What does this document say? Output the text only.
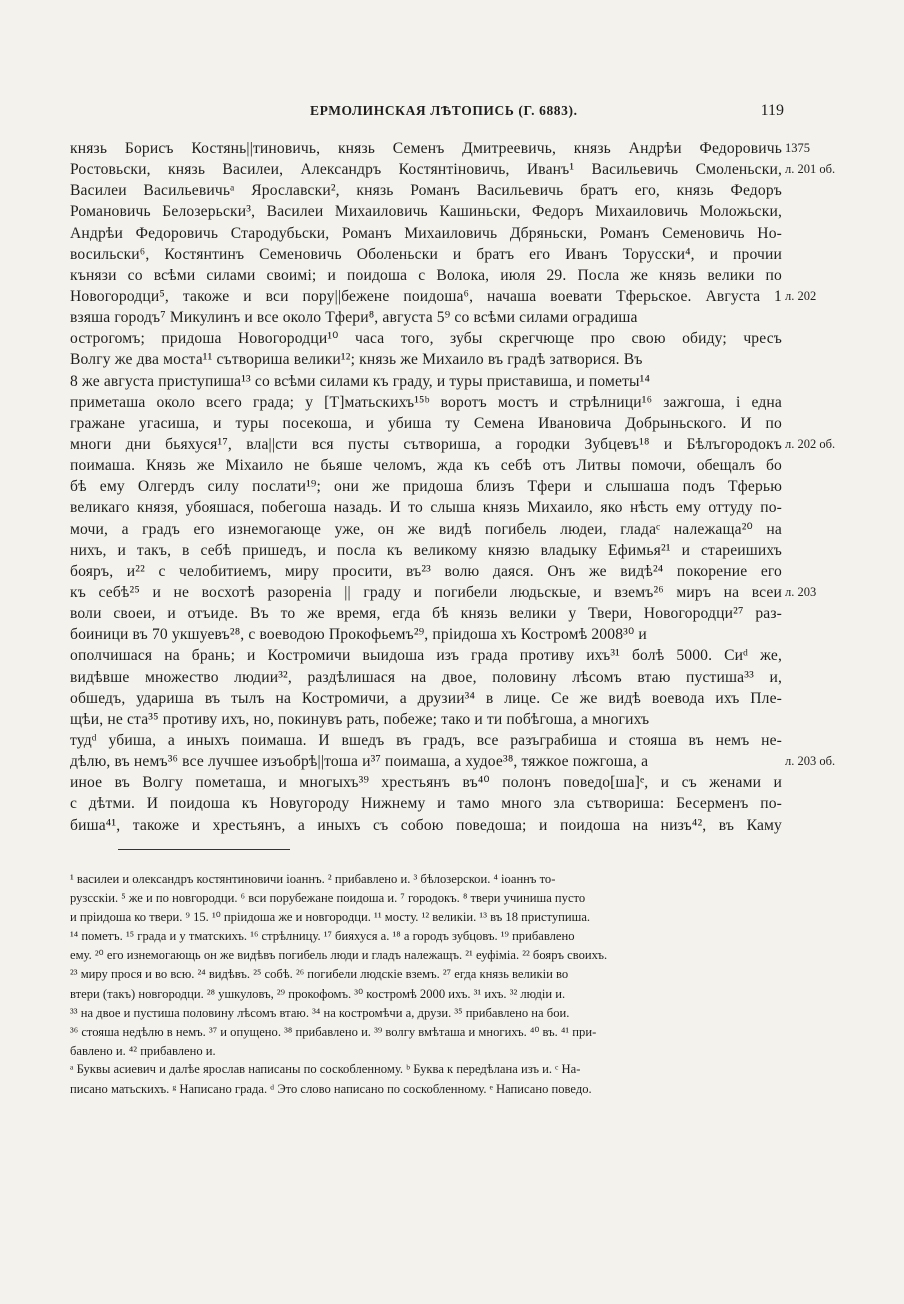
ЕРМОЛИНСКАЯ ЛѢТОПИСЬ (Г. 6883).	119
князь Борисъ Костянь||тиновичь, князь Семенъ Дмитреевичь, князь Андрѣи Федоровичь
Ростовьски, князь Василеи, Александръ Костянтіновичь, Иванъ¹ Васильевичь Смоленьски,
Василеи Васильевичьᵃ Ярославски², князь Романъ Васильевичь братъ его, князь Федоръ
Романовичь Белозерьски³, Василеи Михаиловичь Кашиньски, Федоръ Михаиловичь Моложьски,
Андрѣи Федоровичь Стародубьски, Романъ Михаиловичь Дбряньски, Романъ Семеновичь Но-
восильски⁶, Костянтинъ Семеновичь Оболеньски и братъ его Иванъ Торусски⁴, и прочии
кънязи со всѣми силами своимі; и поидоша с Волока, июля 29. Посла же князь велики по
Новогородци⁵, такоже и вси пору||бежене поидоша⁶, начаша воевати Тферьское. Августа 1
взяша городъ⁷ Микулинъ и все около Тфери⁸, августа 5⁹ со всѣми силами оградиша
острогомъ; придоша Новогородци¹⁰ часа того, зубы скрегчюще про свою обиду; чресъ
Волгу же два моста¹¹ сътвориша велики¹²; князь же Михаило въ градѣ затворися. Въ
8 же августа приступиша¹³ со всѣми силами къ граду, и туры приставиша, и пометы¹⁴
приметаша около всего града; у [Т]матьскихъ¹⁵ᵇ воротъ мостъ и стрѣлници¹⁶ зажгоша, і една
гражане угасиша, и туры посекоша, и убиша ту Семена Ивановича Добрыньского. И по
многи дни бьяхуся¹⁷, вла||сти вся пусты сътвориша, а городки Зубцевъ¹⁸ и Бѣлъгородокъ
поимаша. Князь же Міхаило не бьяше челомъ, жда къ себѣ отъ Литвы помочи, обещалъ бо
бѣ ему Олгердъ силу послати¹⁹; они же придоша близъ Тфери и слышаша подъ Тферью
великаго князя, убояшася, побегоша назадь. И то слыша князь Михаило, яко нѣсть ему оттуду по-
мочи, а градъ его изнемогающе уже, он же видѣ погибель людеи, гладаᶜ належаща²⁰ на
нихъ, и такъ, в себѣ пришедъ, и посла къ великому князю владыку Ефимья²¹ и стареишихъ
бояръ, и²² с челобитиемъ, миру просити, въ²³ волю даяся. Онъ же видѣ²⁴ покорение его
къ себѣ²⁵ и не восхотѣ разореніа || граду и погибели людьскые, и вземъ²⁶ миръ на всеи
воли своеи, и отъиде. Въ то же время, егда бѣ князь велики у Твери, Новогородци²⁷ раз-
боиници въ 70 укшуевъ²⁸, с воеводою Прокофьемъ²⁹, пріидоша хъ Костромѣ 2008³⁰ и
ополчишася на брань; и Костромичи выидоша изъ града противу ихъ³¹ болѣ 5000. Сиᵈ же,
видѣвше множество людии³², раздѣлишася на двое, половину лѣсомъ втаю пустиша³³ и,
обшедъ, удариша въ тылъ на Костромичи, а друзии³⁴ в лице. Се же видѣ воевода ихъ Пле-
щѣи, не ста³⁵ противу ихъ, но, покинувъ рать, побеже; тако и ти побѣгоша, а многихъ
тудᵈ убиша, а иныхъ поимаша. И вшедъ въ градъ, все разъграбиша и стояша въ немъ не-
дѣлю, въ немъ³⁶ все лучшее изъобрѣ||тоша и³⁷ поимаша, а худое³⁸, тяжкое пожгоша, а
иное въ Волгу пометаша, и многыхъ³⁹ хрестьянъ въ⁴⁰ полонъ поведо[ша]ᵉ, и съ женами и
с дѣтми. И поидоша къ Новугороду Нижнему и тамо много зла сътвориша: Бесерменъ по-
биша⁴¹, такоже и хрестьянъ, а иныхъ съ собою поведоша; и поидоша на низъ⁴², въ Каму
1375
л. 201 об.
л. 202
л. 202 об.
л. 203
л. 203 об.
¹ василеи и олександръ костянтиновичи іоаннъ. ² прибавлено и. ³ бѣлозерскои. ⁴ іоаннъ то-
рузсскіи. ⁵ же и по новгородци. ⁶ вси порубежане поидоша и. ⁷ городокъ. ⁸ твери учиниша пусто
и пріидоша ко твери. ⁹ 15. ¹⁰ пріидоша же и новгородци. ¹¹ мосту. ¹² великіи. ¹³ въ 18 приступиша.
¹⁴ пометъ. ¹⁵ града и у тматскихъ. ¹⁶ стрѣлницу. ¹⁷ бияхуся а. ¹⁸ а городъ зубцовъ. ¹⁹ прибавлено
ему. ²⁰ его изнемогающь он же видѣвъ погибель люди и гладъ належащъ. ²¹ еуфіміа. ²² бояръ своихъ.
²³ миру прося и во всю. ²⁴ видѣвъ. ²⁵ собѣ. ²⁶ погибели людскіе вземъ. ²⁷ егда князь великіи во
втери (такъ) новгородци. ²⁸ ушкуловъ, ²⁹ прокофомъ. ³⁰ костромѣ 2000 ихъ. ³¹ ихъ. ³² людіи и.
³³ на двое и пустиша половину лѣсомъ втаю. ³⁴ на костромѣчи а, друзи. ³⁵ прибавлено на бои.
³⁶ стояша недѣлю в немъ. ³⁷ и опущено. ³⁸ прибавлено и. ³⁹ волгу вмѣташа и многихъ. ⁴⁰ въ. ⁴¹ при-
бавлено и. ⁴² прибавлено и.
ᵃ Буквы асиевич и далѣе ярослав написаны по соскобленному. ᵇ Буква к передѣлана изъ и. ᶜ На-
писано матьскихъ. ᵍ Написано града. ᵈ Это слово написано по соскобленному. ᵉ Написано поведо.
